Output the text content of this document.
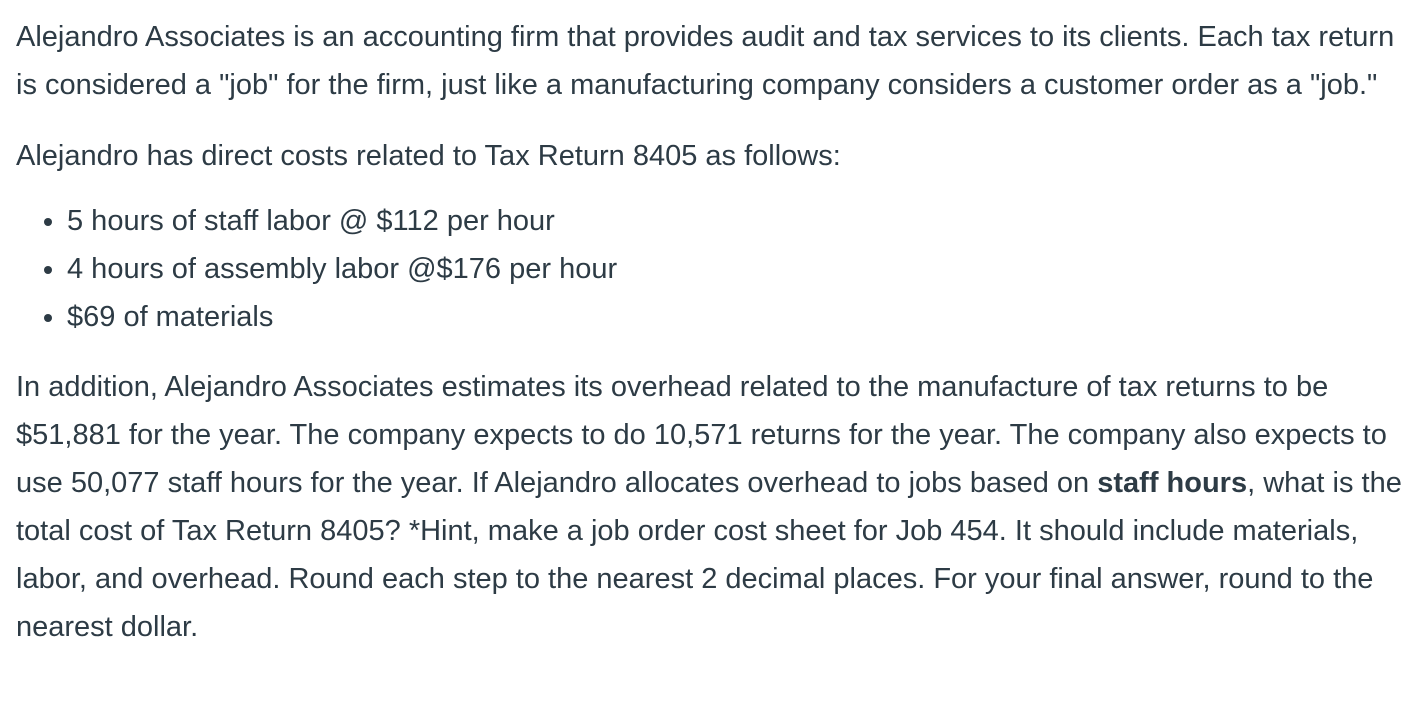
Alejandro Associates is an accounting firm that provides audit and tax services to its clients. Each tax return is considered a "job" for the firm, just like a manufacturing company considers a customer order as a "job."

Alejandro has direct costs related to Tax Return 8405 as follows:

• 5 hours of staff labor @ $112 per hour
• 4 hours of assembly labor @$176 per hour
• $69 of materials

In addition, Alejandro Associates estimates its overhead related to the manufacture of tax returns to be $51,881 for the year. The company expects to do 10,571 returns for the year. The company also expects to use 50,077 staff hours for the year. If Alejandro allocates overhead to jobs based on staff hours, what is the total cost of Tax Return 8405? *Hint, make a job order cost sheet for Job 454. It should include materials, labor, and overhead. Round each step to the nearest 2 decimal places. For your final answer, round to the nearest dollar.
